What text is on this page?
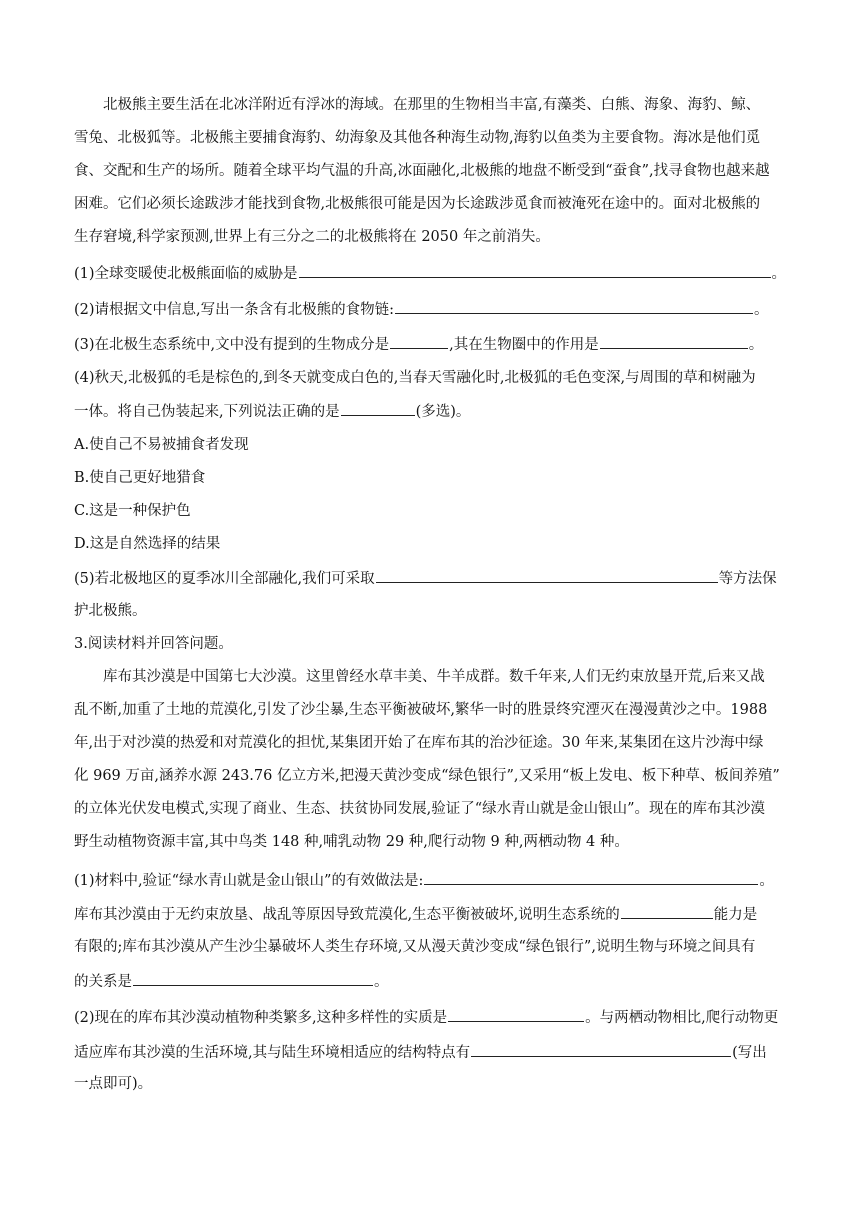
北极熊主要生活在北冰洋附近有浮冰的海域。在那里的生物相当丰富,有藻类、白熊、海象、海豹、鲸、
雪兔、北极狐等。北极熊主要捕食海豹、幼海象及其他各种海生动物,海豹以鱼类为主要食物。海冰是他们觅
食、交配和生产的场所。随着全球平均气温的升高,冰面融化,北极熊的地盘不断受到“蚕食”,找寻食物也越来越
困难。它们必须长途跋涉才能找到食物,北极熊很可能是因为长途跋涉觅食而被淹死在途中的。面对北极熊的
生存窘境,科学家预测,世界上有三分之二的北极熊将在 2050 年之前消失。
(1)全球变暖使北极熊面临的威胁是	。
(2)请根据文中信息,写出一条含有北极熊的食物链:	。
(3)在北极生态系统中,文中没有提到的生物成分是	,其在生物圈中的作用是	。
(4)秋天,北极狐的毛是棕色的,到冬天就变成白色的,当春天雪融化时,北极狐的毛色变深,与周围的草和树融为
一体。将自己伪装起来,下列说法正确的是	(多选)。
A.使自己不易被捕食者发现
B.使自己更好地猎食
C.这是一种保护色
D.这是自然选择的结果
(5)若北极地区的夏季冰川全部融化,我们可采取	等方法保
护北极熊。
3.阅读材料并回答问题。
库布其沙漠是中国第七大沙漠。这里曾经水草丰美、牛羊成群。数千年来,人们无约束放垦开荒,后来又战
乱不断,加重了土地的荒漠化,引发了沙尘暴,生态平衡被破坏,繁华一时的胜景终究湮灭在漫漫黄沙之中。1988
年,出于对沙漠的热爱和对荒漠化的担忧,某集团开始了在库布其的治沙征途。30 年来,某集团在这片沙海中绿
化 969 万亩,涵养水源 243.76 亿立方米,把漫天黄沙变成“绿色银行”,又采用“板上发电、板下种草、板间养殖”
的立体光伏发电模式,实现了商业、生态、扶贫协同发展,验证了“绿水青山就是金山银山”。现在的库布其沙漠
野生动植物资源丰富,其中鸟类 148 种,哺乳动物 29 种,爬行动物 9 种,两栖动物 4 种。
(1)材料中,验证“绿水青山就是金山银山”的有效做法是:	。
库布其沙漠由于无约束放垦、战乱等原因导致荒漠化,生态平衡被破坏,说明生态系统的	能力是
有限的;库布其沙漠从产生沙尘暴破坏人类生存环境,又从漫天黄沙变成“绿色银行”,说明生物与环境之间具有
的关系是	。
(2)现在的库布其沙漠动植物种类繁多,这种多样性的实质是	。与两栖动物相比,爬行动物更
适应库布其沙漠的生活环境,其与陆生环境相适应的结构特点有	(写出
一点即可)。
